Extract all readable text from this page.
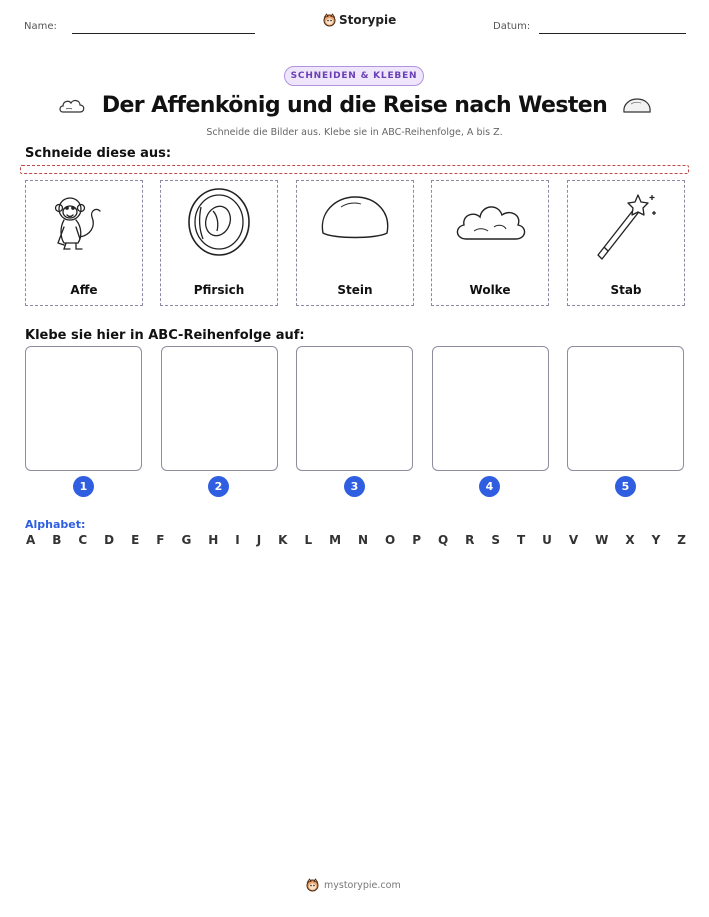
Name:	Storypie	Datum:
SCHNEIDEN & KLEBEN
Der Affenkönig und die Reise nach Westen
Schneide die Bilder aus. Klebe sie in ABC-Reihenfolge, A bis Z.
Schneide diese aus:
Affe	Pfirsich	Stein	Wolke	Stab
Klebe sie hier in ABC-Reihenfolge auf:
1	2	3	4	5
Alphabet:
A B C D E F G H I J K L M N O P Q R S T U V W X Y Z
mystorypie.com
